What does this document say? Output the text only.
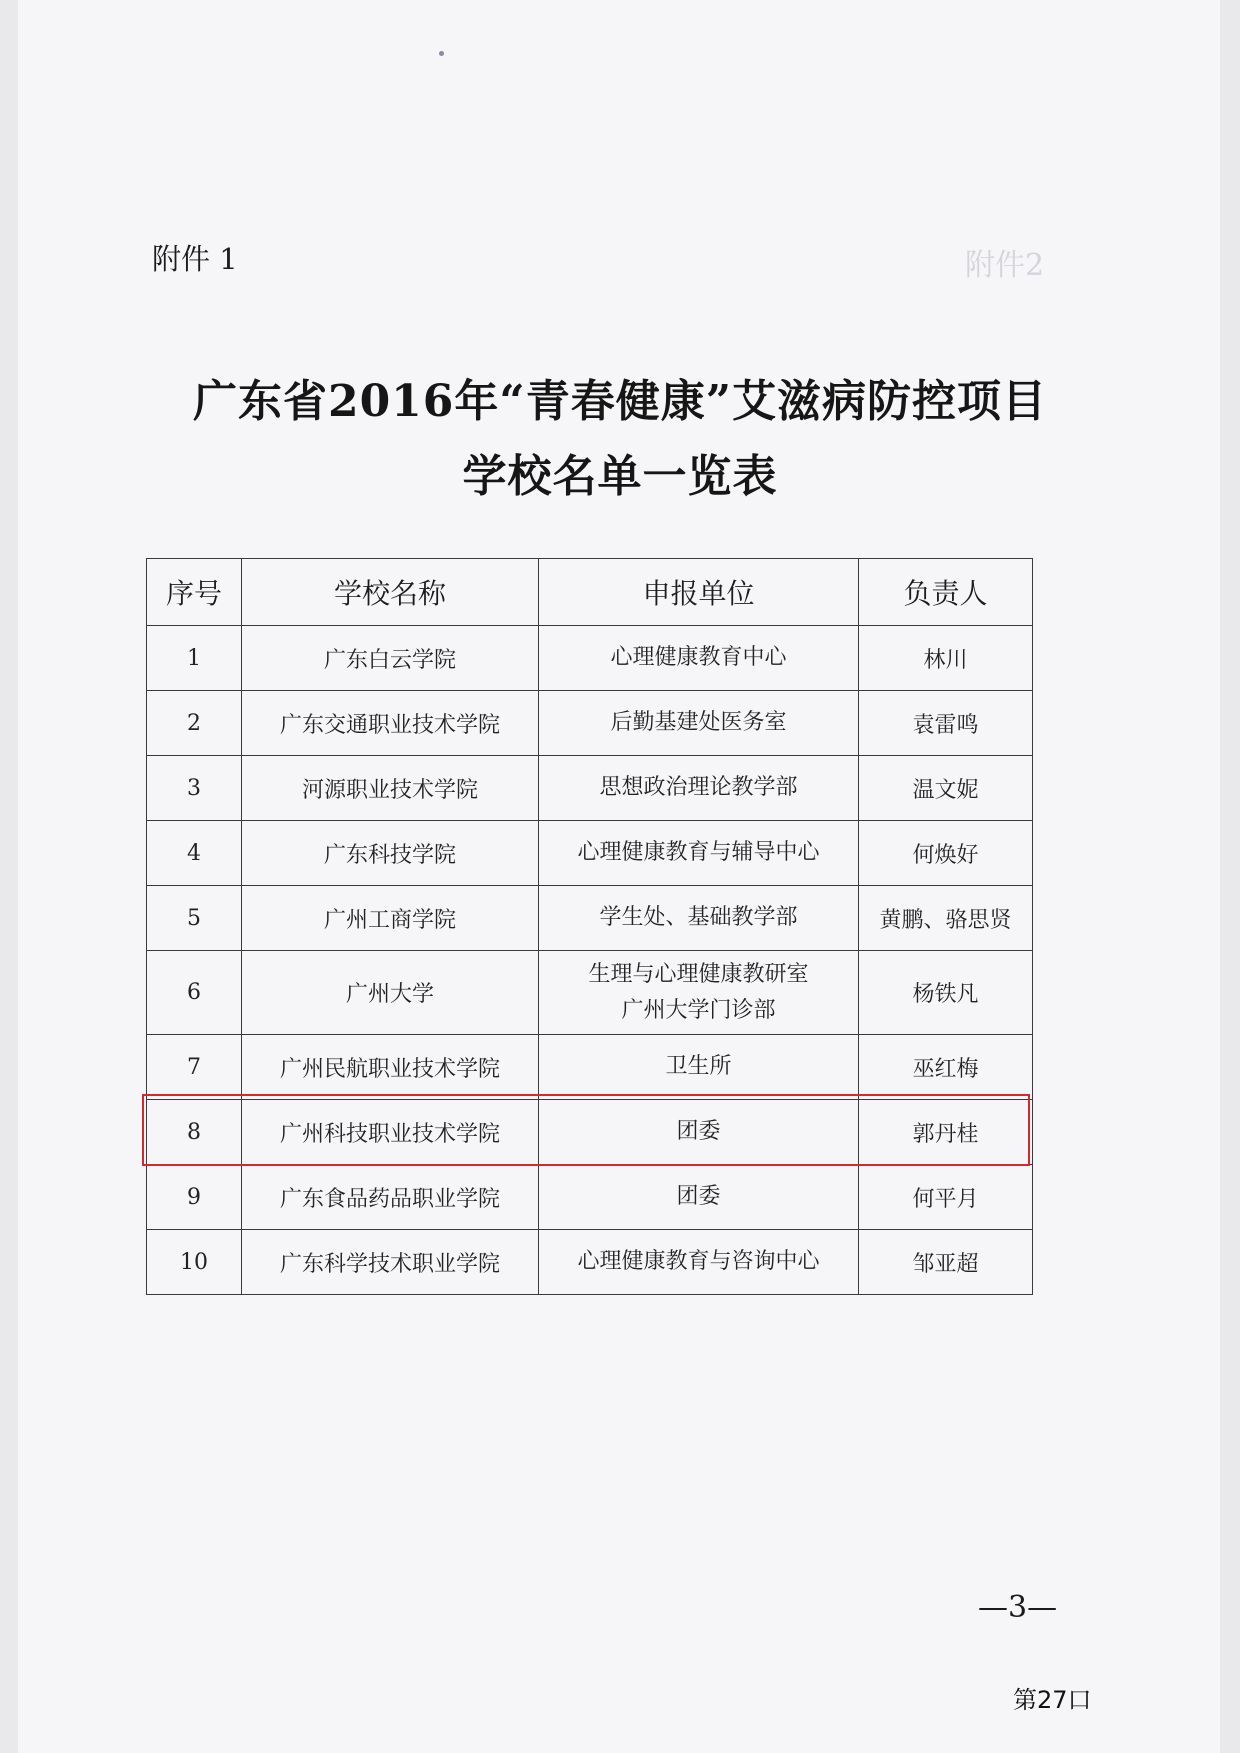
附件2
附件 1
广东省2016年“青春健康”艾滋病防控项目
学校名单一览表
序号	学校名称	申报单位	负责人
1	广东白云学院	心理健康教育中心	林川
2	广东交通职业技术学院	后勤基建处医务室	袁雷鸣
3	河源职业技术学院	思想政治理论教学部	温文妮
4	广东科技学院	心理健康教育与辅导中心	何焕好
5	广州工商学院	学生处、基础教学部	黄鹏、骆思贤
6	广州大学	生理与心理健康教研室
广州大学门诊部	杨铁凡
7	广州民航职业技术学院	卫生所	巫红梅
8	广州科技职业技术学院	团委	郭丹桂
9	广东食品药品职业学院	团委	何平月
10	广东科学技术职业学院	心理健康教育与咨询中心	邹亚超
—3—
第27口
